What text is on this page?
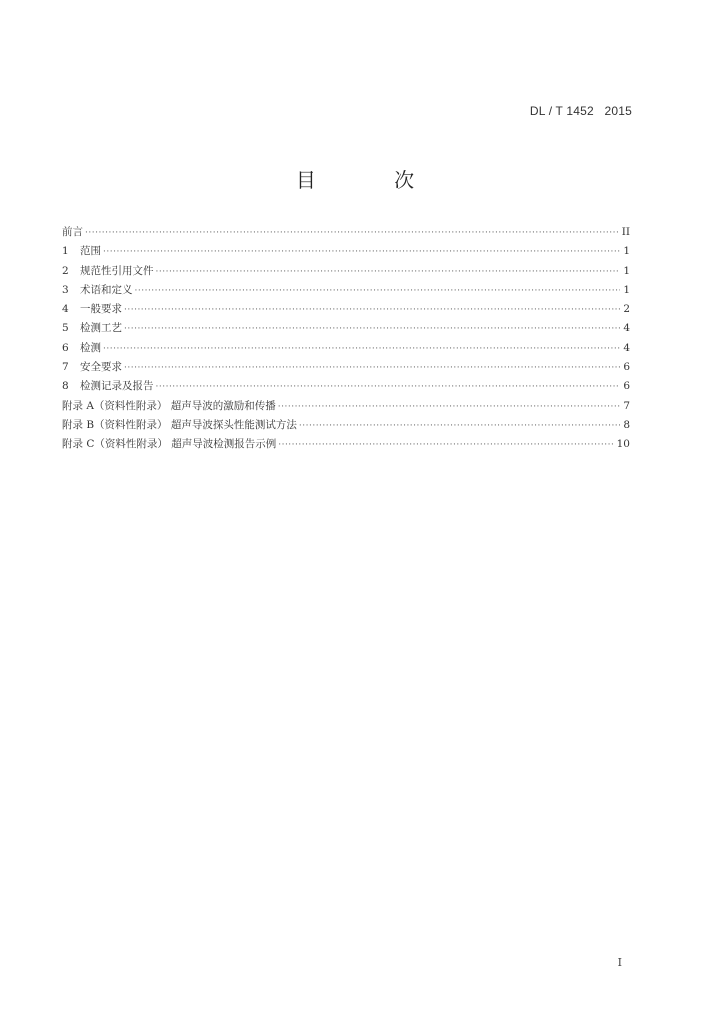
DL / T 1452   2015
目 次
前言 ·····	II
1	范围 ·····	1
2	规范性引用文件 ·····	1
3	术语和定义 ·····	1
4	一般要求 ·····	2
5	检测工艺 ·····	4
6	检测 ·····	4
7	安全要求 ·····	6
8	检测记录及报告 ·····	6
附录 A（资料性附录） 超声导波的激励和传播 ·····	7
附录 B（资料性附录） 超声导波探头性能测试方法 ·····	8
附录 C（资料性附录） 超声导波检测报告示例 ·····	10
I
